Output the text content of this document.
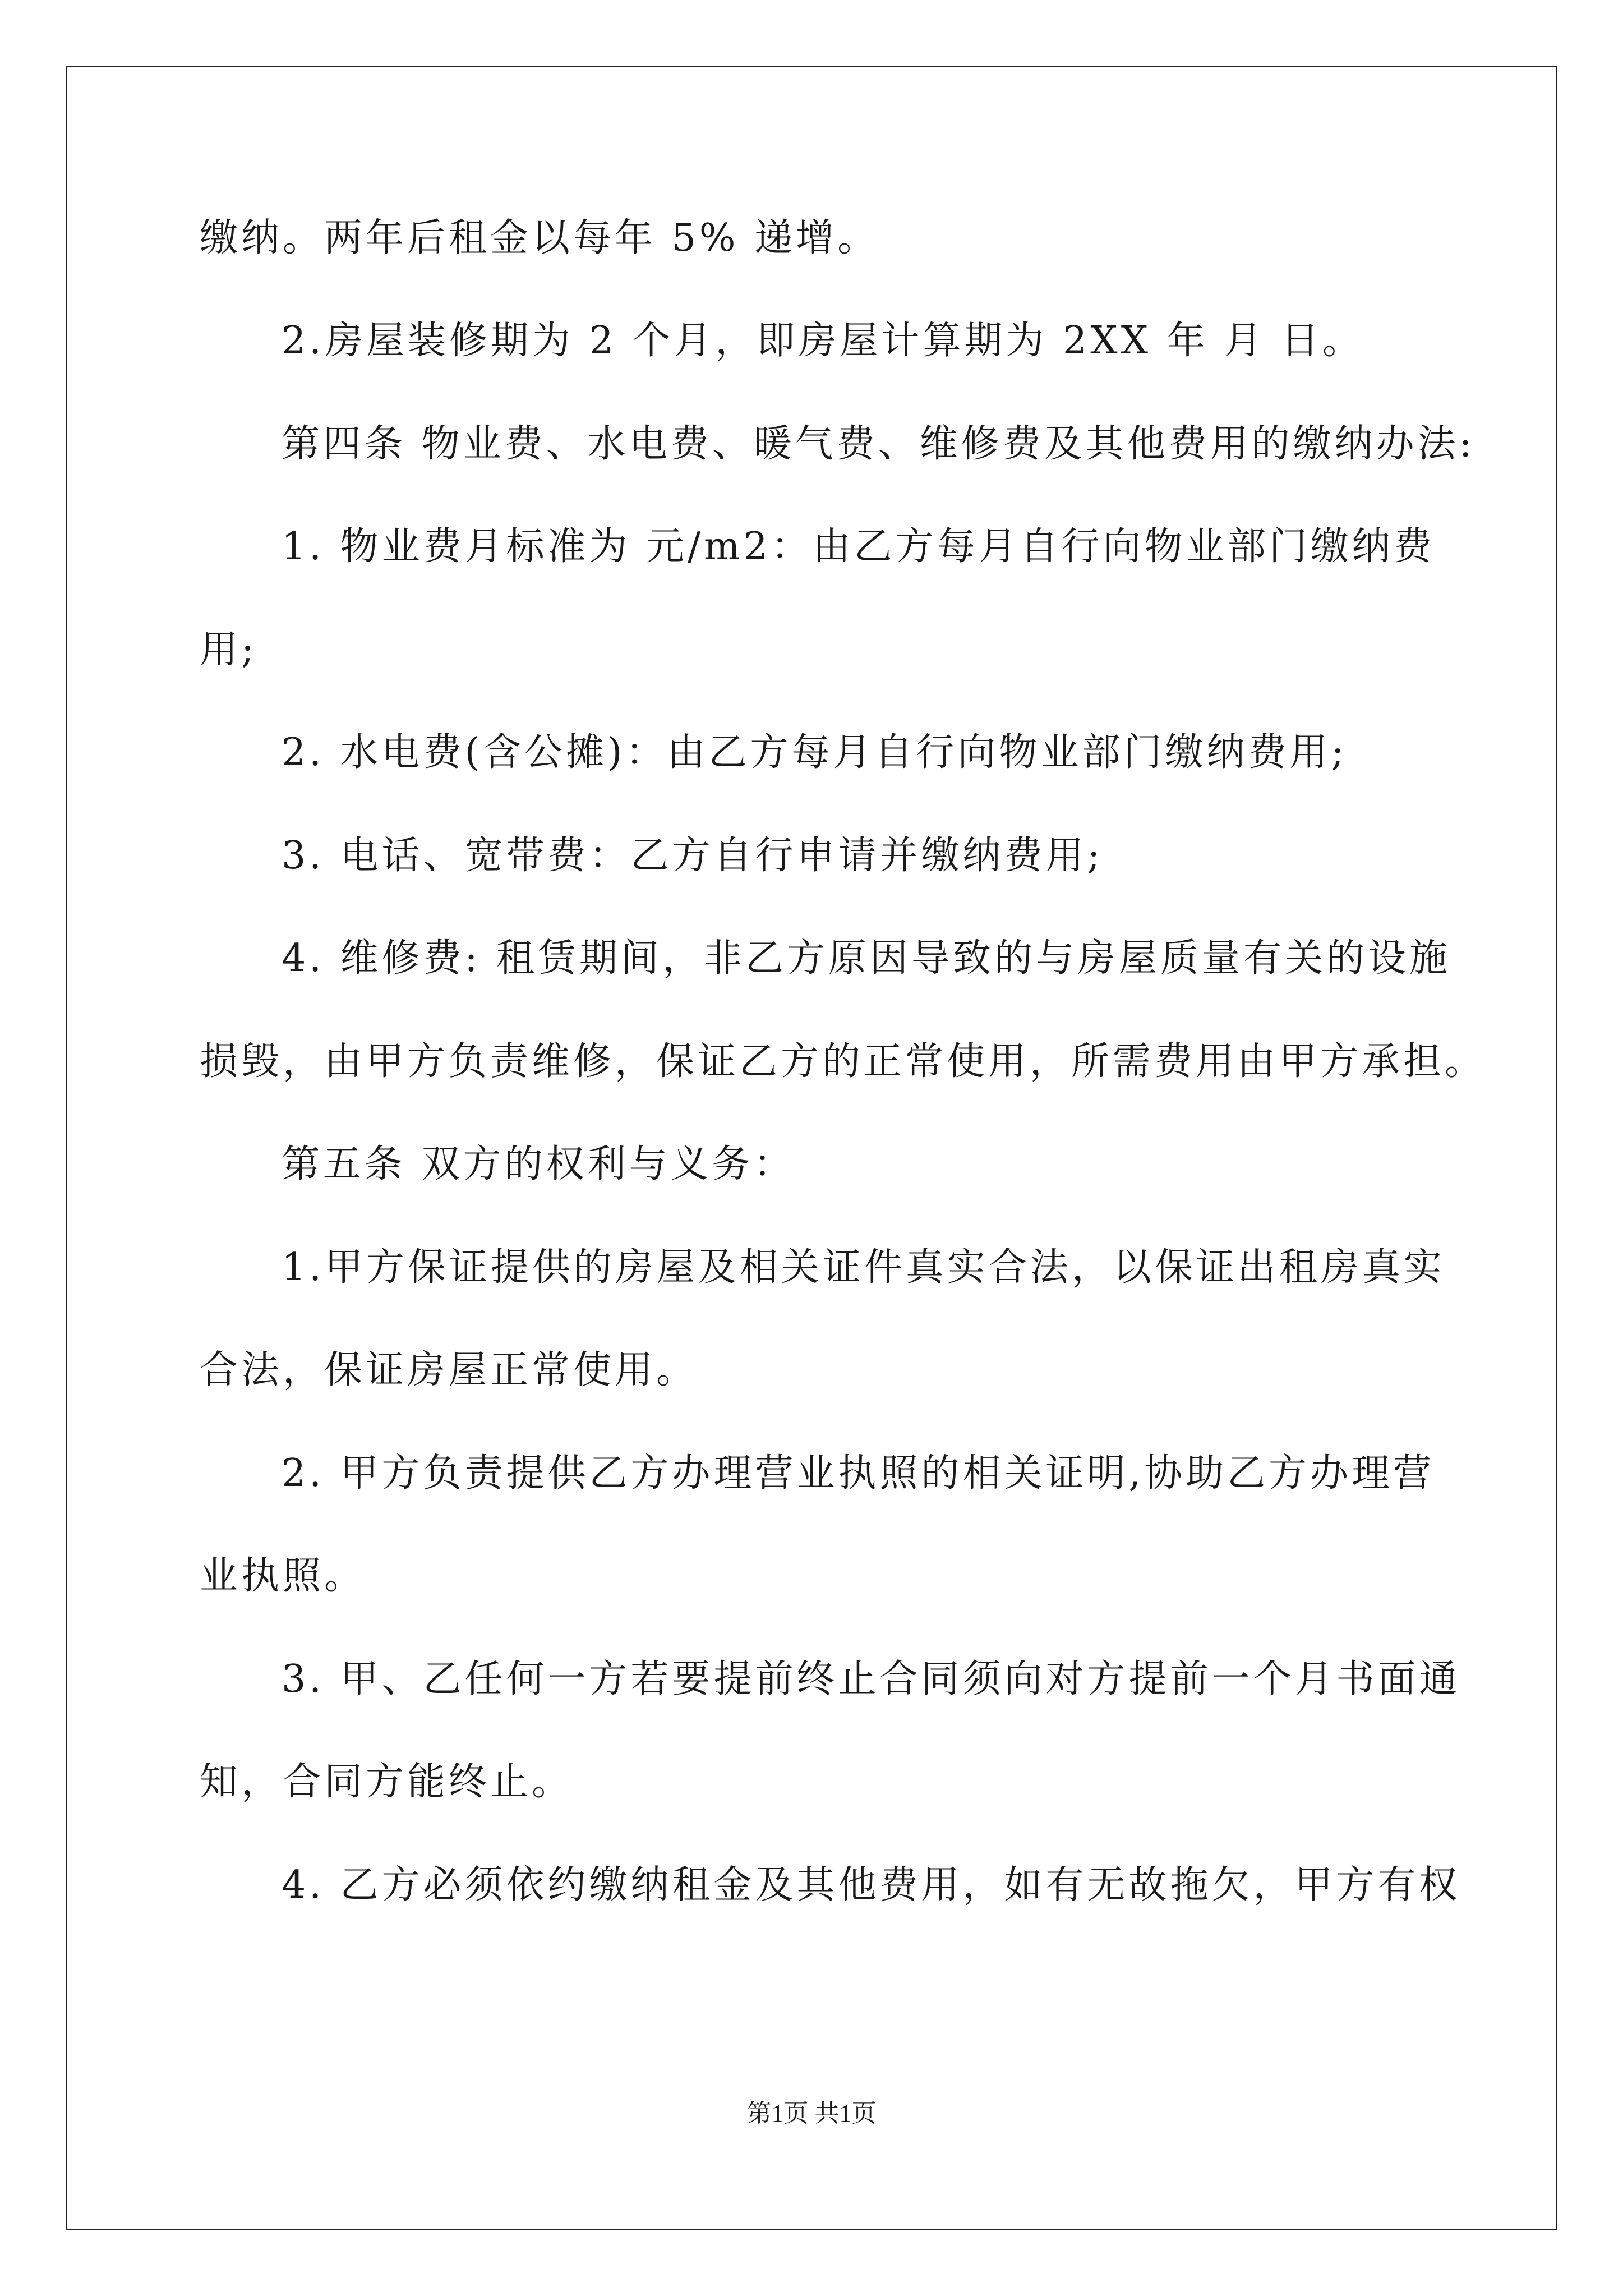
缴纳。两年后租金以每年 5% 递增。
2.房屋装修期为 2 个月，即房屋计算期为 2XX 年 月 日。
第四条 物业费、水电费、暖气费、维修费及其他费用的缴纳办法:
1. 物业费月标准为 元/m2：由乙方每月自行向物业部门缴纳费
用;
2. 水电费(含公摊)：由乙方每月自行向物业部门缴纳费用;
3. 电话、宽带费：乙方自行申请并缴纳费用;
4. 维修费: 租赁期间，非乙方原因导致的与房屋质量有关的设施
损毁，由甲方负责维修，保证乙方的正常使用，所需费用由甲方承担。
第五条 双方的权利与义务：
1.甲方保证提供的房屋及相关证件真实合法，以保证出租房真实
合法，保证房屋正常使用。
2. 甲方负责提供乙方办理营业执照的相关证明,协助乙方办理营
业执照。
3. 甲、乙任何一方若要提前终止合同须向对方提前一个月书面通
知，合同方能终止。
4. 乙方必须依约缴纳租金及其他费用，如有无故拖欠，甲方有权
第1页 共1页
